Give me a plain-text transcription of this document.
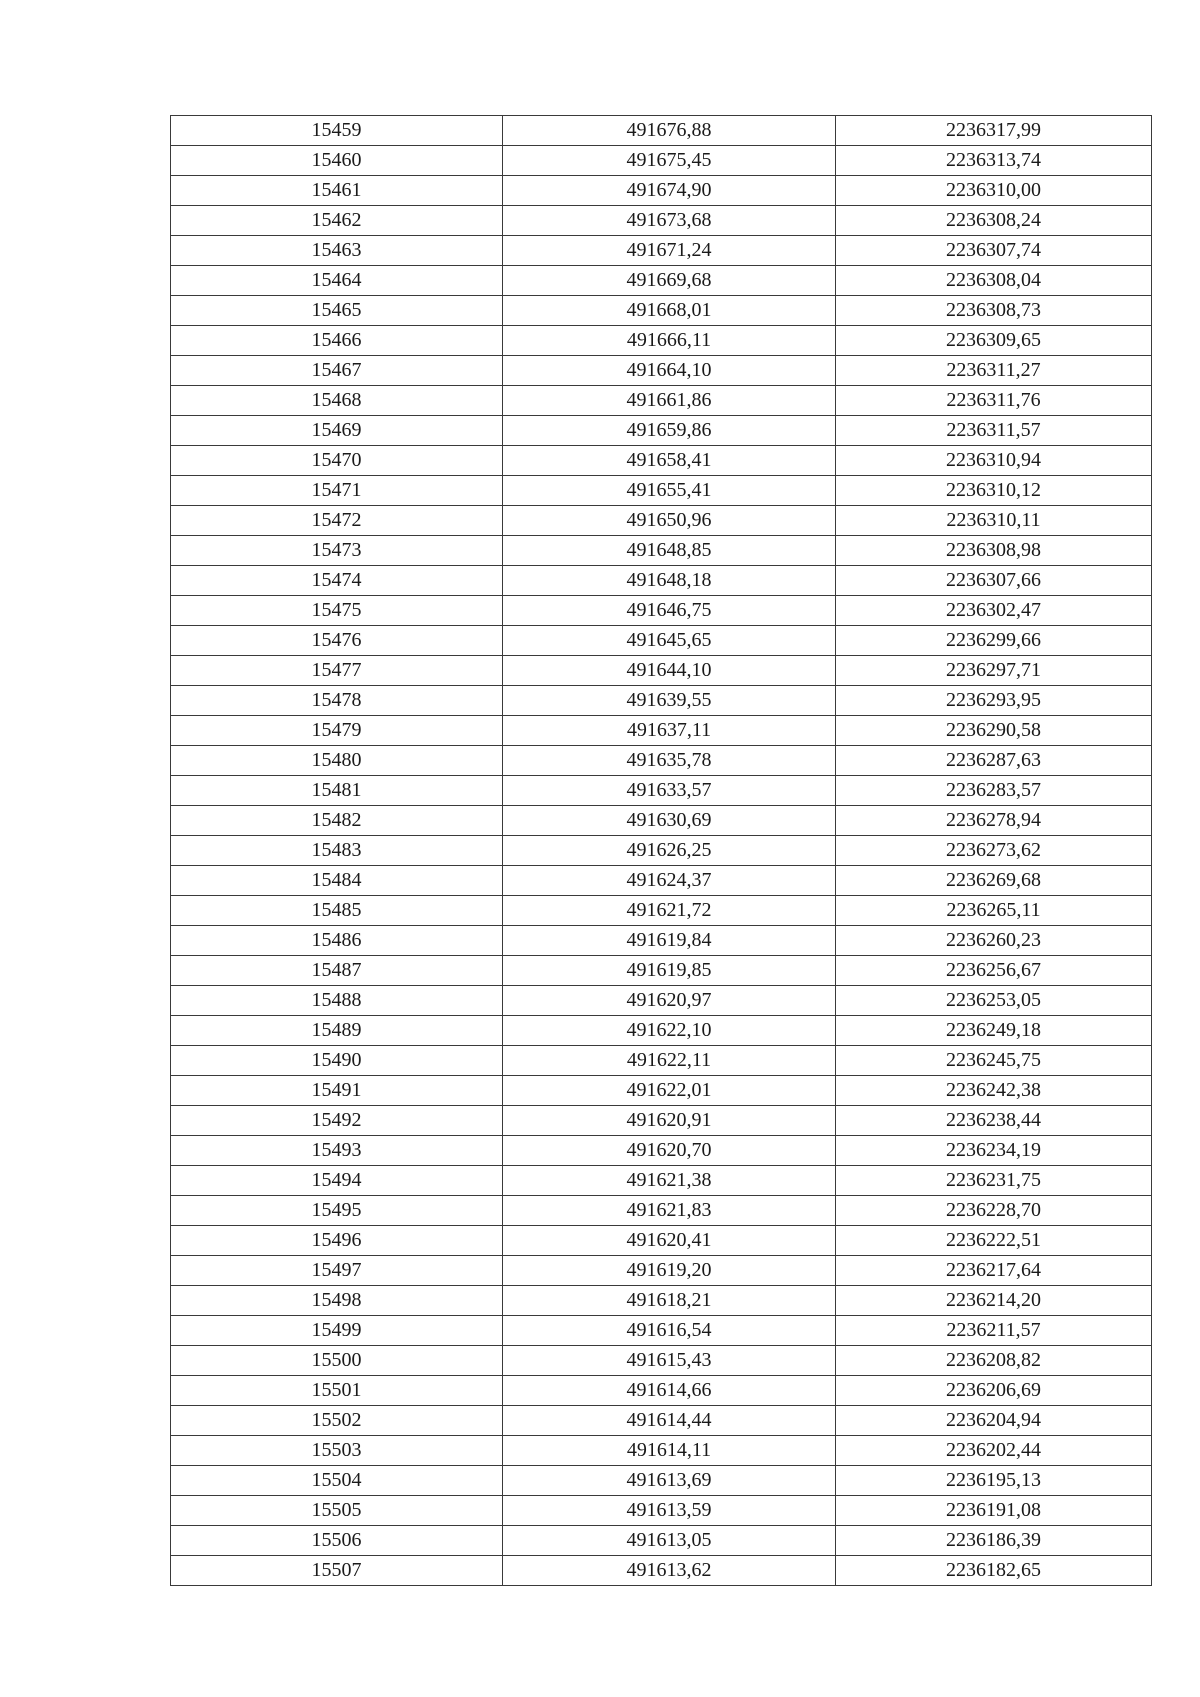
15459	491676,88	2236317,99
15460	491675,45	2236313,74
15461	491674,90	2236310,00
15462	491673,68	2236308,24
15463	491671,24	2236307,74
15464	491669,68	2236308,04
15465	491668,01	2236308,73
15466	491666,11	2236309,65
15467	491664,10	2236311,27
15468	491661,86	2236311,76
15469	491659,86	2236311,57
15470	491658,41	2236310,94
15471	491655,41	2236310,12
15472	491650,96	2236310,11
15473	491648,85	2236308,98
15474	491648,18	2236307,66
15475	491646,75	2236302,47
15476	491645,65	2236299,66
15477	491644,10	2236297,71
15478	491639,55	2236293,95
15479	491637,11	2236290,58
15480	491635,78	2236287,63
15481	491633,57	2236283,57
15482	491630,69	2236278,94
15483	491626,25	2236273,62
15484	491624,37	2236269,68
15485	491621,72	2236265,11
15486	491619,84	2236260,23
15487	491619,85	2236256,67
15488	491620,97	2236253,05
15489	491622,10	2236249,18
15490	491622,11	2236245,75
15491	491622,01	2236242,38
15492	491620,91	2236238,44
15493	491620,70	2236234,19
15494	491621,38	2236231,75
15495	491621,83	2236228,70
15496	491620,41	2236222,51
15497	491619,20	2236217,64
15498	491618,21	2236214,20
15499	491616,54	2236211,57
15500	491615,43	2236208,82
15501	491614,66	2236206,69
15502	491614,44	2236204,94
15503	491614,11	2236202,44
15504	491613,69	2236195,13
15505	491613,59	2236191,08
15506	491613,05	2236186,39
15507	491613,62	2236182,65
